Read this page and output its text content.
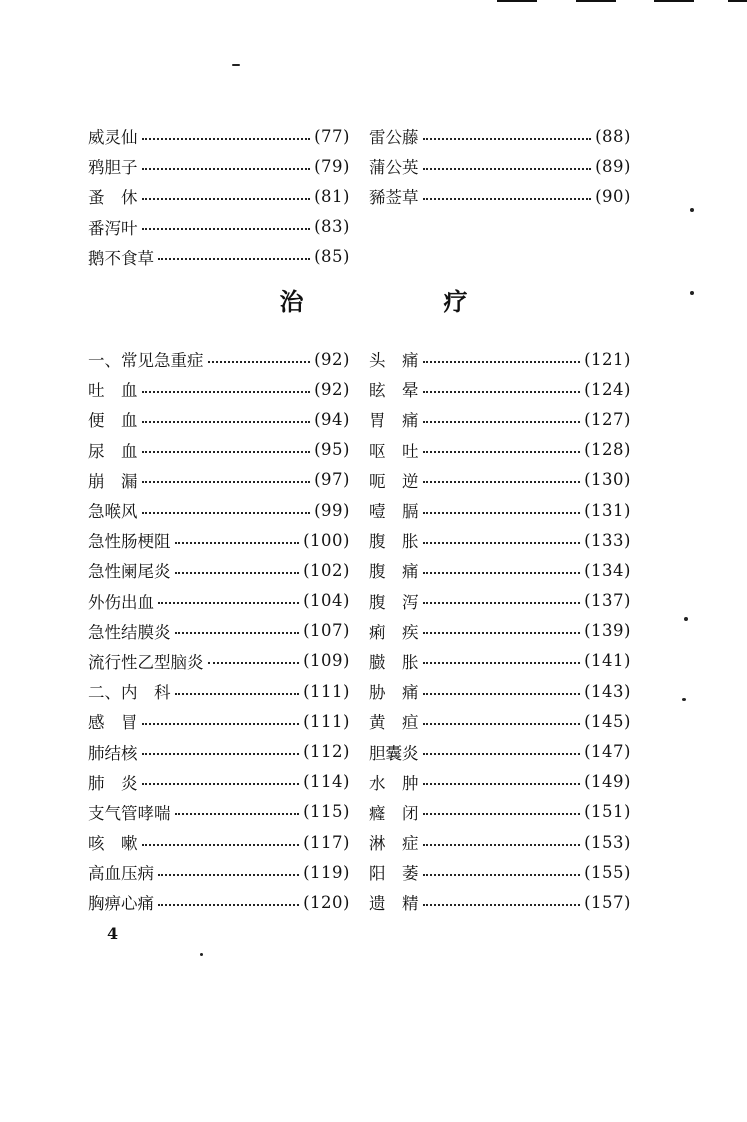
威灵仙	(77)
鸦胆子	(79)
蚤　休	(81)
番泻叶	(83)
鹅不食草	(85)
雷公藤	(88)
蒲公英	(89)
豨莶草	(90)
治　疗
一、常见急重症	(92)
吐　血	(92)
便　血	(94)
尿　血	(95)
崩　漏	(97)
急喉风	(99)
急性肠梗阻	(100)
急性阑尾炎	(102)
外伤出血	(104)
急性结膜炎	(107)
流行性乙型脑炎	(109)
二、内　科	(111)
感　冒	(111)
肺结核	(112)
肺　炎	(114)
支气管哮喘	(115)
咳　嗽	(117)
高血压病	(119)
胸痹心痛	(120)
头　痛	(121)
眩　晕	(124)
胃　痛	(127)
呕　吐	(128)
呃　逆	(130)
噎　膈	(131)
腹　胀	(133)
腹　痛	(134)
腹　泻	(137)
痢　疾	(139)
臌　胀	(141)
胁　痛	(143)
黄　疸	(145)
胆囊炎	(147)
水　肿	(149)
癃　闭	(151)
淋　症	(153)
阳　萎	(155)
遗　精	(157)
4
